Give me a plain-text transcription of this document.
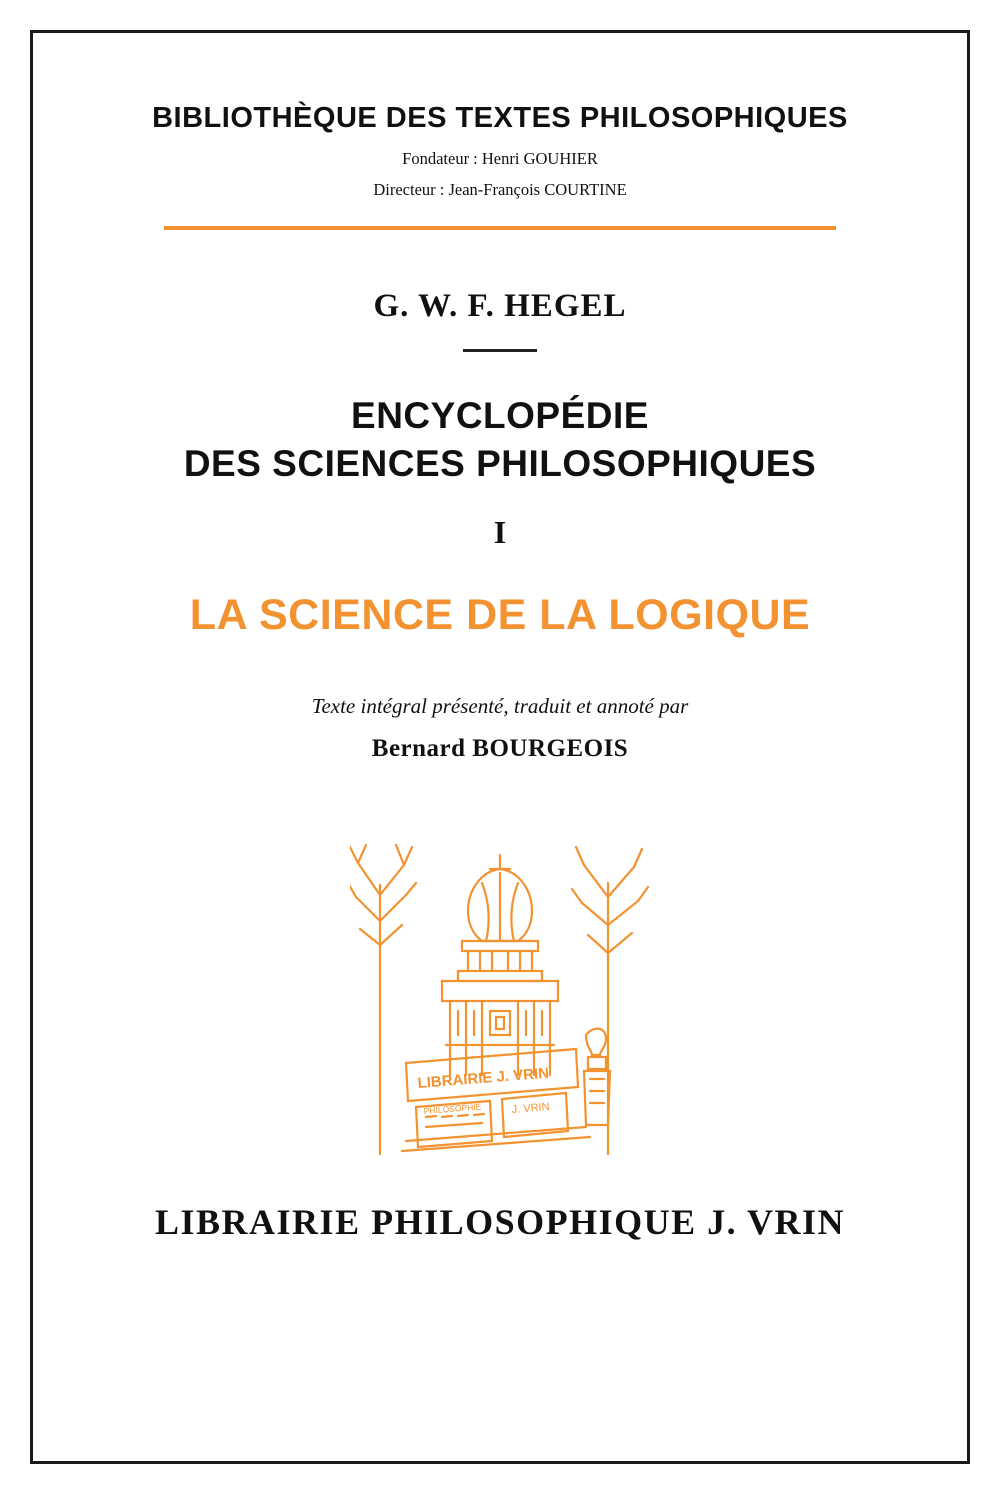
BIBLIOTHÈQUE DES TEXTES PHILOSOPHIQUES
Fondateur : Henri GOUHIER
Directeur : Jean-François COURTINE
G. W. F. HEGEL
ENCYCLOPÉDIE
DES SCIENCES PHILOSOPHIQUES
I
LA SCIENCE DE LA LOGIQUE
Texte intégral présenté, traduit et annoté par
Bernard BOURGEOIS
LIBRAIRIE J. VRIN
PHILOSOPHIE	J. VRIN
LIBRAIRIE PHILOSOPHIQUE J. VRIN
